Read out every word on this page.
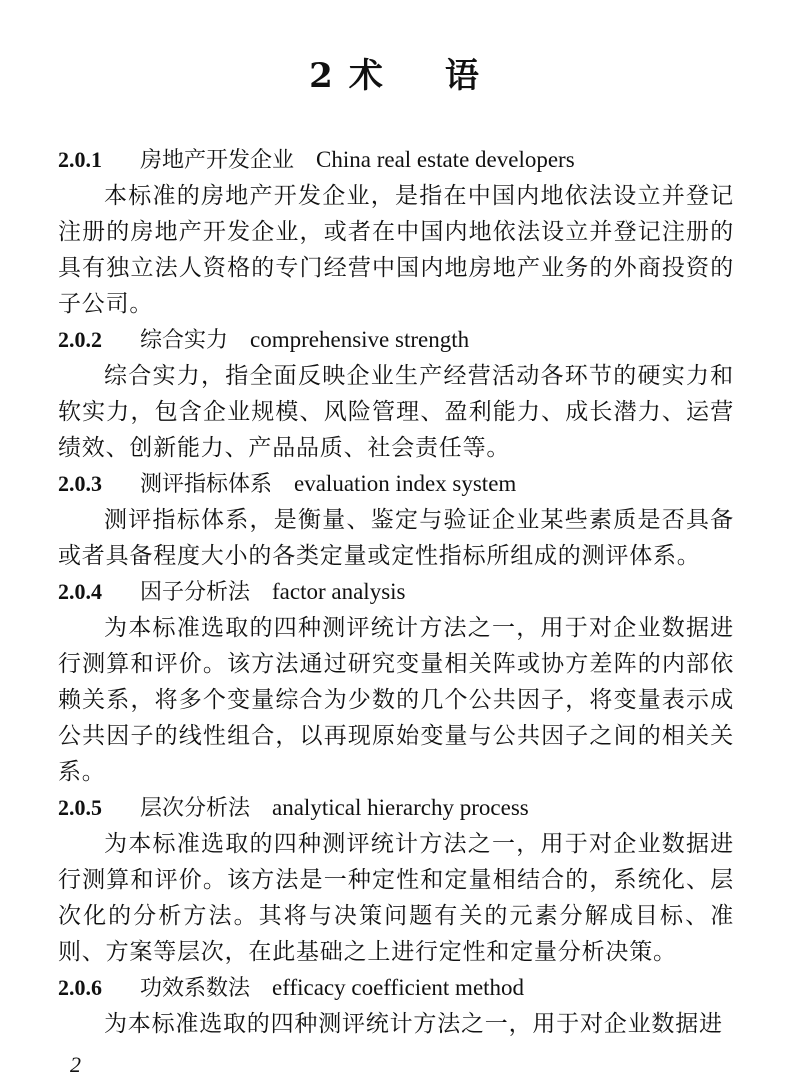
2 术 语
2.0.1 房地产开发企业 China real estate developers

本标准的房地产开发企业，是指在中国内地依法设立并登记注册的房地产开发企业，或者在中国内地依法设立并登记注册的具有独立法人资格的专门经营中国内地房地产业务的外商投资的子公司。

2.0.2 综合实力 comprehensive strength

综合实力，指全面反映企业生产经营活动各环节的硬实力和软实力，包含企业规模、风险管理、盈利能力、成长潜力、运营绩效、创新能力、产品品质、社会责任等。

2.0.3 测评指标体系 evaluation index system

测评指标体系，是衡量、鉴定与验证企业某些素质是否具备或者具备程度大小的各类定量或定性指标所组成的测评体系。

2.0.4 因子分析法 factor analysis

为本标准选取的四种测评统计方法之一，用于对企业数据进行测算和评价。该方法通过研究变量相关阵或协方差阵的内部依赖关系，将多个变量综合为少数的几个公共因子，将变量表示成公共因子的线性组合，以再现原始变量与公共因子之间的相关关系。

2.0.5 层次分析法 analytical hierarchy process

为本标准选取的四种测评统计方法之一，用于对企业数据进行测算和评价。该方法是一种定性和定量相结合的，系统化、层次化的分析方法。其将与决策问题有关的元素分解成目标、准则、方案等层次，在此基础之上进行定性和定量分析决策。

2.0.6 功效系数法 efficacy coefficient method

为本标准选取的四种测评统计方法之一，用于对企业数据进

2
